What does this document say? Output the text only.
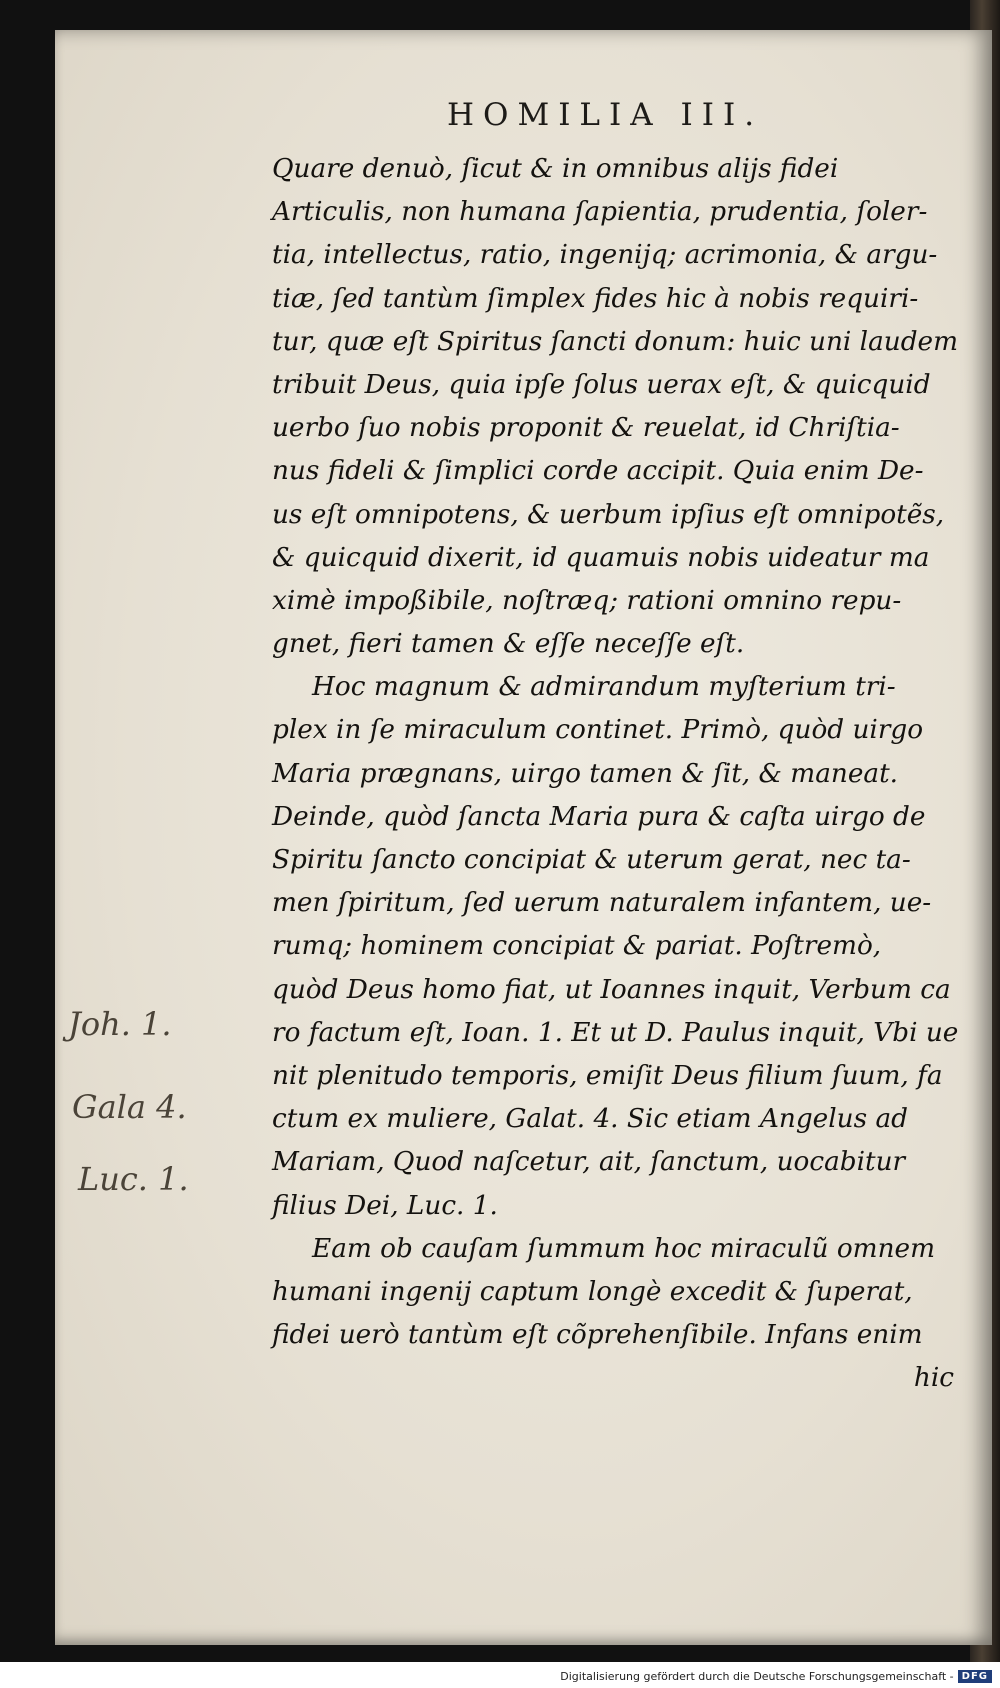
HOMILIA III.
Quare denuò, ſicut & in omnibus alijs fidei
Articulis, non humana ſapientia, prudentia, ſoler-
tia, intellectus, ratio, ingenijq; acrimonia, & argu-
tiæ, ſed tantùm ſimplex fides hic à nobis requiri-
tur, quæ eſt Spiritus ſancti donum: huic uni laudem
tribuit Deus, quia ipſe ſolus uerax eſt, & quicquid
uerbo ſuo nobis proponit & reuelat, id Chriſtia-
nus fideli & ſimplici corde accipit. Quia enim De-
us eſt omnipotens, & uerbum ipſius eſt omnipotẽs,
& quicquid dixerit, id quamuis nobis uideatur ma
ximè impoßibile, noſtræq; rationi omnino repu-
gnet, fieri tamen & eſſe neceſſe eſt.
Hoc magnum & admirandum myſterium tri-
plex in ſe miraculum continet. Primò, quòd uirgo
Maria prægnans, uirgo tamen & ſit, & maneat.
Deinde, quòd ſancta Maria pura & caſta uirgo de
Spiritu ſancto concipiat & uterum gerat, nec ta-
men ſpiritum, ſed uerum naturalem infantem, ue-
rumq; hominem concipiat & pariat. Poſtremò,
quòd Deus homo fiat, ut Ioannes inquit, Verbum ca
ro factum eſt, Ioan. 1. Et ut D. Paulus inquit, Vbi ue
nit plenitudo temporis, emiſit Deus filium ſuum, fa
ctum ex muliere, Galat. 4. Sic etiam Angelus ad
Mariam, Quod naſcetur, ait, ſanctum, uocabitur
filius Dei, Luc. 1.
Eam ob cauſam ſummum hoc miraculũ omnem
humani ingenij captum longè excedit & ſuperat,
fidei uerò tantùm eſt cõprehenſibile. Infans enim
hic
Joh. 1.
Gala 4.
Luc. 1.
Digitalisierung gefördert durch die Deutsche Forschungsgemeinschaft - DFG
